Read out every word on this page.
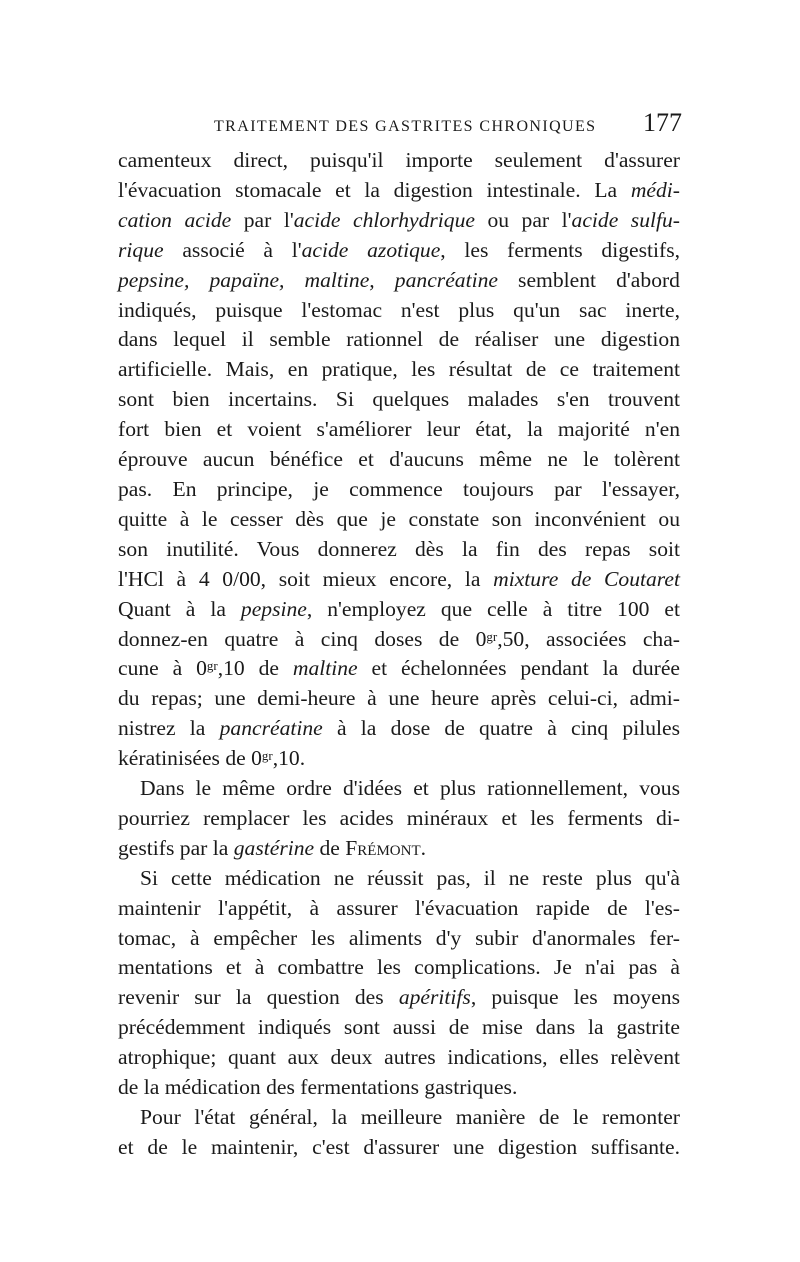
TRAITEMENT DES GASTRITES CHRONIQUES 177
camenteux direct, puisqu'il importe seulement d'assurer
l'évacuation stomacale et la digestion intestinale. La médi-
cation acide par l'acide chlorhydrique ou par l'acide sulfu-
rique associé à l'acide azotique, les ferments digestifs,
pepsine, papaïne, maltine, pancréatine semblent d'abord
indiqués, puisque l'estomac n'est plus qu'un sac inerte,
dans lequel il semble rationnel de réaliser une digestion
artificielle. Mais, en pratique, les résultat de ce traitement
sont bien incertains. Si quelques malades s'en trouvent
fort bien et voient s'améliorer leur état, la majorité n'en
éprouve aucun bénéfice et d'aucuns même ne le tolèrent
pas. En principe, je commence toujours par l'essayer,
quitte à le cesser dès que je constate son inconvénient ou
son inutilité. Vous donnerez dès la fin des repas soit
l'HCl à 4 0/00, soit mieux encore, la mixture de Coutaret
Quant à la pepsine, n'employez que celle à titre 100 et
donnez-en quatre à cinq doses de $0^{gr},50$, associées cha-
cune à $0^{gr},10$ de maltine et échelonnées pendant la durée
du repas; une demi-heure à une heure après celui-ci, admi-
nistrez la pancréatine à la dose de quatre à cinq pilules
kératinisées de $0^{gr},10$.
Dans le même ordre d'idées et plus rationnellement, vous
pourriez remplacer les acides minéraux et les ferments di-
gestifs par la gastérine de Frémont.
Si cette médication ne réussit pas, il ne reste plus qu'à
maintenir l'appétit, à assurer l'évacuation rapide de l'es-
tomac, à empêcher les aliments d'y subir d'anormales fer-
mentations et à combattre les complications. Je n'ai pas à
revenir sur la question des apéritifs, puisque les moyens
précédemment indiqués sont aussi de mise dans la gastrite
atrophique; quant aux deux autres indications, elles relèvent
de la médication des fermentations gastriques.
Pour l'état général, la meilleure manière de le remonter
et de le maintenir, c'est d'assurer une digestion suffisante.
